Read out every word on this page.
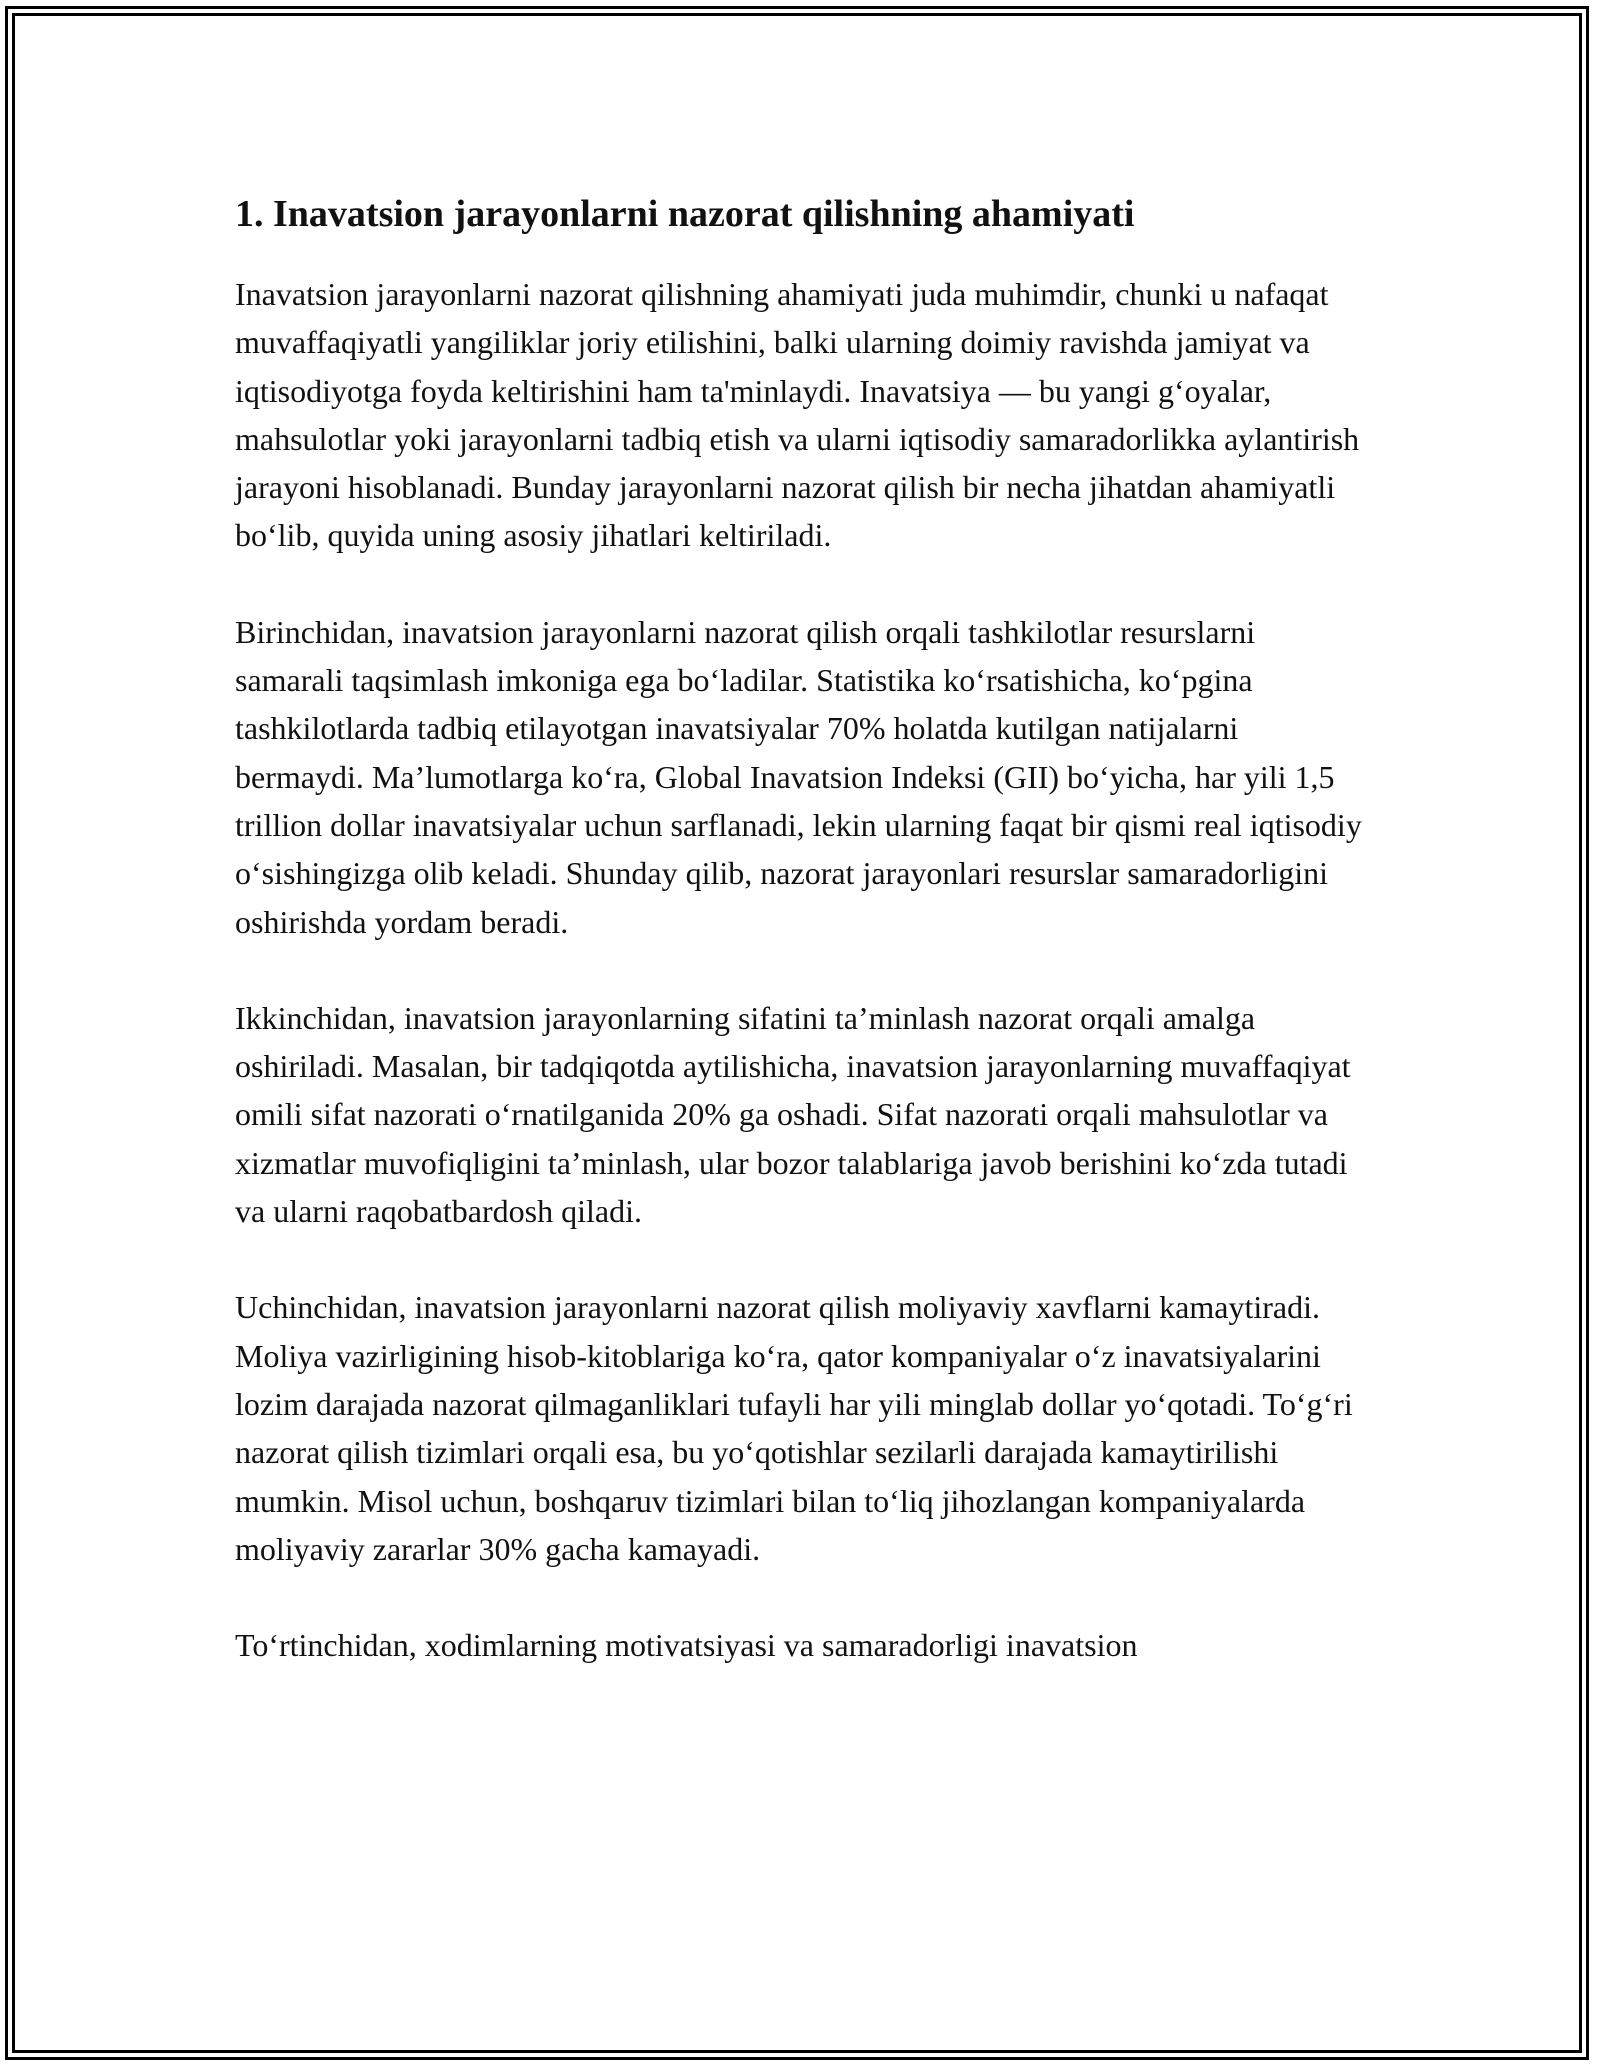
1. Inavatsion jarayonlarni nazorat qilishning ahamiyati

Inavatsion jarayonlarni nazorat qilishning ahamiyati juda muhimdir, chunki u nafaqat muvaffaqiyatli yangiliklar joriy etilishini, balki ularning doimiy ravishda jamiyat va iqtisodiyotga foyda keltirishini ham ta'minlaydi. Inavatsiya — bu yangi g‘oyalar, mahsulotlar yoki jarayonlarni tadbiq etish va ularni iqtisodiy samaradorlikka aylantirish jarayoni hisoblanadi. Bunday jarayonlarni nazorat qilish bir necha jihatdan ahamiyatli bo‘lib, quyida uning asosiy jihatlari keltiriladi.

Birinchidan, inavatsion jarayonlarni nazorat qilish orqali tashkilotlar resurslarni samarali taqsimlash imkoniga ega bo‘ladilar. Statistika ko‘rsatishicha, ko‘pgina tashkilotlarda tadbiq etilayotgan inavatsiyalar 70% holatda kutilgan natijalarni bermaydi. Ma’lumotlarga ko‘ra, Global Inavatsion Indeksi (GII) bo‘yicha, har yili 1,5 trillion dollar inavatsiyalar uchun sarflanadi, lekin ularning faqat bir qismi real iqtisodiy o‘sishingizga olib keladi. Shunday qilib, nazorat jarayonlari resurslar samaradorligini oshirishda yordam beradi.

Ikkinchidan, inavatsion jarayonlarning sifatini ta’minlash nazorat orqali amalga oshiriladi. Masalan, bir tadqiqotda aytilishicha, inavatsion jarayonlarning muvaffaqiyat omili sifat nazorati o‘rnatilganida 20% ga oshadi. Sifat nazorati orqali mahsulotlar va xizmatlar muvofiqligini ta’minlash, ular bozor talablariga javob berishini ko‘zda tutadi va ularni raqobatbardosh qiladi.

Uchinchidan, inavatsion jarayonlarni nazorat qilish moliyaviy xavflarni kamaytiradi. Moliya vazirligining hisob-kitoblariga ko‘ra, qator kompaniyalar o‘z inavatsiyalarini lozim darajada nazorat qilmaganliklari tufayli har yili minglab dollar yo‘qotadi. To‘g‘ri nazorat qilish tizimlari orqali esa, bu yo‘qotishlar sezilarli darajada kamaytirilishi mumkin. Misol uchun, boshqaruv tizimlari bilan to‘liq jihozlangan kompaniyalarda moliyaviy zararlar 30% gacha kamayadi.

To‘rtinchidan, xodimlarning motivatsiyasi va samaradorligi inavatsion
